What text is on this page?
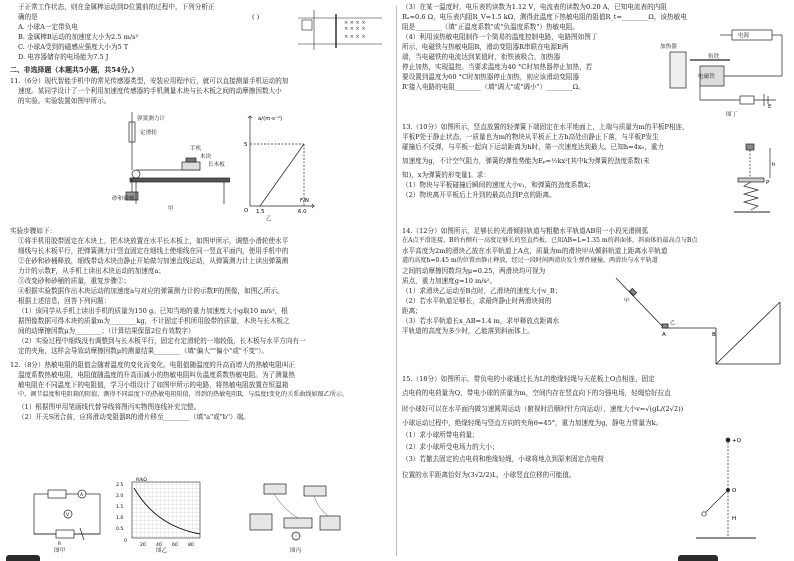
于正常工作状态，则在金属棒运动到D位置前的过程中，下列分析正

确的是	( )

A. 小球A一定带负电

B. 金属棒B运动的加速度大小为2.5 m/s²

C. 小球A受到的磁感应强度大小为5 T

D. 电容器储存的电场能为7.5 J

× × × ×
× × × ×
× × × ×

二、非选择题（本题共5小题，共54分。）

11.（6分）现代智能手机中的常见传感器类型，安装应用程序后，就可以直接测量手机运动的加

速度。某同学设计了一个利用加速度传感器的手机测量木块与长木板之间的动摩擦因数大小

的实验。实验装置如图甲所示。

弹簧测力计
定滑轮
手机
木块
长木板
砂和砂桶
甲
a/(m·s⁻²)
5
O 1.5	6.0
F/N
乙

实验步骤如下：

①将手机用胶带固定在木块上，把木块放置在水平长木板上，如图甲所示，调整小滑轮使水平

细线与长木板平行，把弹簧测力计竖直固定在细线上使细线在同一竖直平面内，使用手机中的

②在砂和砂桶释放，细线带动木块由静止开始做匀加速直线运动，从弹簧测力计上读出弹簧测

力计的示数F，从手机上读出木块运动的加速度a；

③改变砂和砂桶的质量，重复步骤②；

④根据实验数据作出木块运动的加速度a与对应的弹簧测力计的示数F的图像，如图乙所示。

根据上述信息，回答下列问题：

（1）该同学从手机上读出手机的质量为150 g。已知当地的重力加速度大小g取10 m/s²，根

据图像数据可得木块的质量m为________kg，不计固定手机所用胶带的质量，木块与长木板之

间的动摩擦因数μ为________；（计算结果保留2位有效数字）

（2）实验过程中细线没有调整到与长木板平行，固定有定滑轮的一端较低，长木板与水平方向有一

定的夹角，这样会导致动摩擦因数μ的测量结果________（填"偏大""偏小"或"不变"）。

12.（8分）热敏电阻的阻值会随着温度的变化而变化。电阻值随温度的升高而增大的热敏电阻叫正

温度系数热敏电阻，电阻值随温度的升高而减小的热敏电阻叫负温度系数热敏电阻。为了测量热

敏电阻在不同温度下的电阻值，学习小组设计了如图甲所示的电路，将热敏电阻放置在恒温箱

中，调节温度和电阻箱的阻值，测得不同温度下的热敏电阻阻值，得到的热敏电阻R，与温度t变化的关系曲线如图乙所示。

（1）根据图甲用笔画线代替导线将图丙实物图连线补充完整。

（2）开关S闭合前，应将滑动变阻器R的滑片移至________（填"a"或"b"）端。

A
V
R
图甲
2.5
2.0
1.5
1.0
0.5
0
20 40 60 80
R/kΩ
图乙	图丙

（3）在某一温度时，电压表的读数为1.12 V，电流表的读数为0.20 A，已知电流表的内阻

Rₐ=0.6 Ω，电压表内阻R_V=1.5 kΩ，测得此温度下热敏电阻的阻值R_t=________Ω，该热敏电

阻是________（填"正温度系数"或"负温度系数"）热敏电阻。

（4）利用该热敏电阻制作一个简易的温度控制电路，电路图如图丁

所示，电磁铁与热敏电阻R，滑动变阻器R串联在电源E两

端，当电磁铁的电流达到某值时，衔铁被吸合，加热器

停止加热，实现温控。当要求温度为40 °C时加热器停止加热，若

要设置到温度为60 °C时加热器停止加热，则应该滑动变阻器

R'接入电路的电阻________（填"调大"或"调小"）________Ω。

加热器
电源
衔铁
电磁铁
E
图丁

13.（10分）如图所示，竖直放置的轻弹簧下端固定在水平地面上，上端与质量为m的平板P相连，

平板P处于静止状态，一质量也为m的物块从平板正上方h高处由静止下落，与平板P发生

碰撞后不反弹，与平板一起向下运动距离为h时，第一次速度达到最大。已知h=4x₀，重力

加速度为g，不计空气阻力，弹簧的弹性势能为Eₚ=½kx²[其中k为弹簧的劲度系数(未

知)，x为弹簧的形变量]。求：

（1）物块与平板碰撞后瞬间的速度大小v₁，和弹簧的劲度系数k；

（2）物块离开平板后上升到的最高点到P点的距离。

h
P

14.（12分）如图所示，足够长的光滑倾斜轨道与粗糙水平轨道AB用一小段光滑圆弧

在A点平滑连接，B的右侧有一高度足够长的竖直挡板，已知AB=L=1.35 m的斜面体，斜面体的最高点与B点

水平高度为2m的滑块乙放在水平轨道上A点，质量为m的滑块甲从倾斜轨道上距离水平轨道

道的高度h=0.45 m的位置由静止释放，经过一段时间两滑块发生弹性碰撞，两滑块与水平轨道

之间的动摩擦因数均为μ=0.25，两滑块均可视为

质点，重力加速度g=10 m/s²。

（1）求滑块乙运动至B点时，乙滑块的速度大小v_B；

（2）若水平轨道足够长，求最终静止时两滑块间的

距离；

（3）若水平轨道长x_AB=1.4 m，求甲释放点距离水

平轨道的高度为多少时，乙能落到斜面体上。	A	B
甲
乙

15.（18分）如图所示，带负电的小球通过长为L的绝缘轻绳与天花板上O点相连，固定

点电荷的电荷量为Q，带电小球的质量为m，空间内存在竖直向下的匀强电场，轻绳恰好拉直

时小球好可以在水平面内做匀速圆周运动（俯视时沿顺时针方向运动），速度大小v=√(gL/(2√2))

小球运动过程中，绝缘轻绳与竖直方向的夹角θ=45°，重力加速度为g，静电力常量为k。

（1）求小球所带电荷量；

（2）求小球所受电场力的大小；

（3）若撤去固定的点电荷和绝缘轻绳，小球将地点到原来固定点电荷

位置的水平距离恰好为(3√2/2)L，小球竖直位移的可能值。

+Q
O
H
